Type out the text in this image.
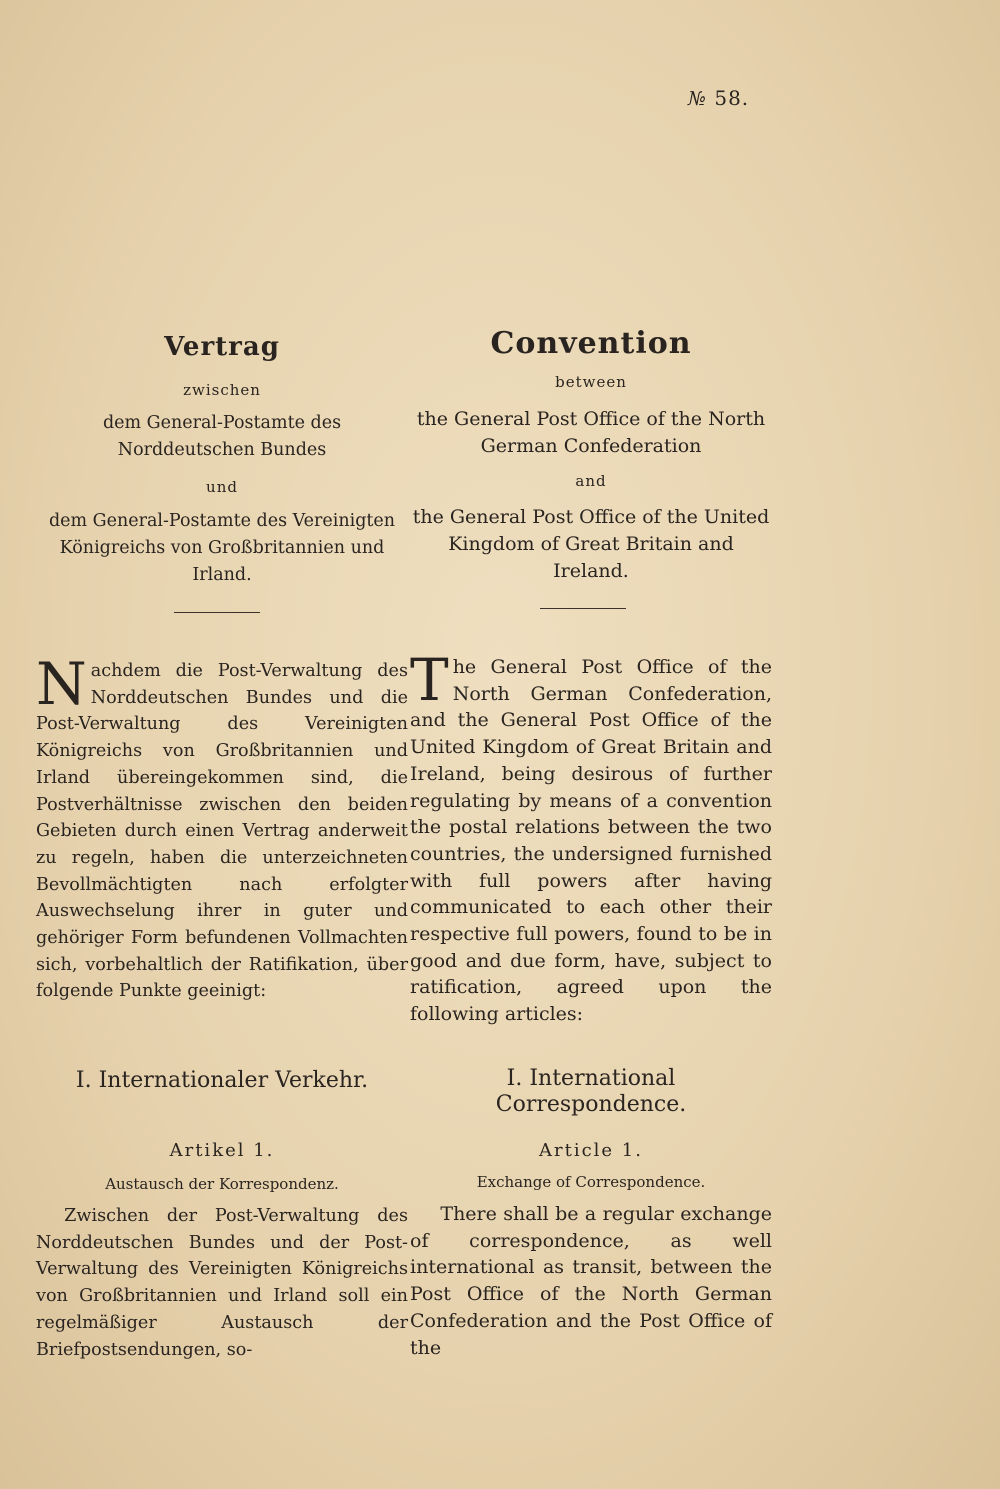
№ 58.
Vertrag
zwischen
dem General-Postamte des Norddeutschen Bundes
und
dem General-Postamte des Vereinigten Königreichs von Großbritannien und Irland.
Nachdem die Post-Verwaltung des Norddeutschen Bundes und die Post-Verwaltung des Vereinigten Königreichs von Großbritannien und Irland übereingekommen sind, die Postverhältnisse zwischen den beiden Gebieten durch einen Vertrag anderweit zu regeln, haben die unterzeichneten Bevollmächtigten nach erfolgter Auswechselung ihrer in guter und gehöriger Form befundenen Vollmachten sich, vorbehaltlich der Ratifikation, über folgende Punkte geeinigt:
I. Internationaler Verkehr.
Artikel 1.
Austausch der Korrespondenz.
Zwischen der Post-Verwaltung des Norddeutschen Bundes und der Post-Verwaltung des Vereinigten Königreichs von Großbritannien und Irland soll ein regelmäßiger Austausch der Briefpostsendungen, so-
Convention
between
the General Post Office of the North German Confederation
and
the General Post Office of the United Kingdom of Great Britain and Ireland.
The General Post Office of the North German Confederation, and the General Post Office of the United Kingdom of Great Britain and Ireland, being desirous of further regulating by means of a convention the postal relations between the two countries, the undersigned furnished with full powers after having communicated to each other their respective full powers, found to be in good and due form, have, subject to ratification, agreed upon the following articles:
I. International Correspondence.
Article 1.
Exchange of Correspondence.
There shall be a regular exchange of correspondence, as well international as transit, between the Post Office of the North German Confederation and the Post Office of the
